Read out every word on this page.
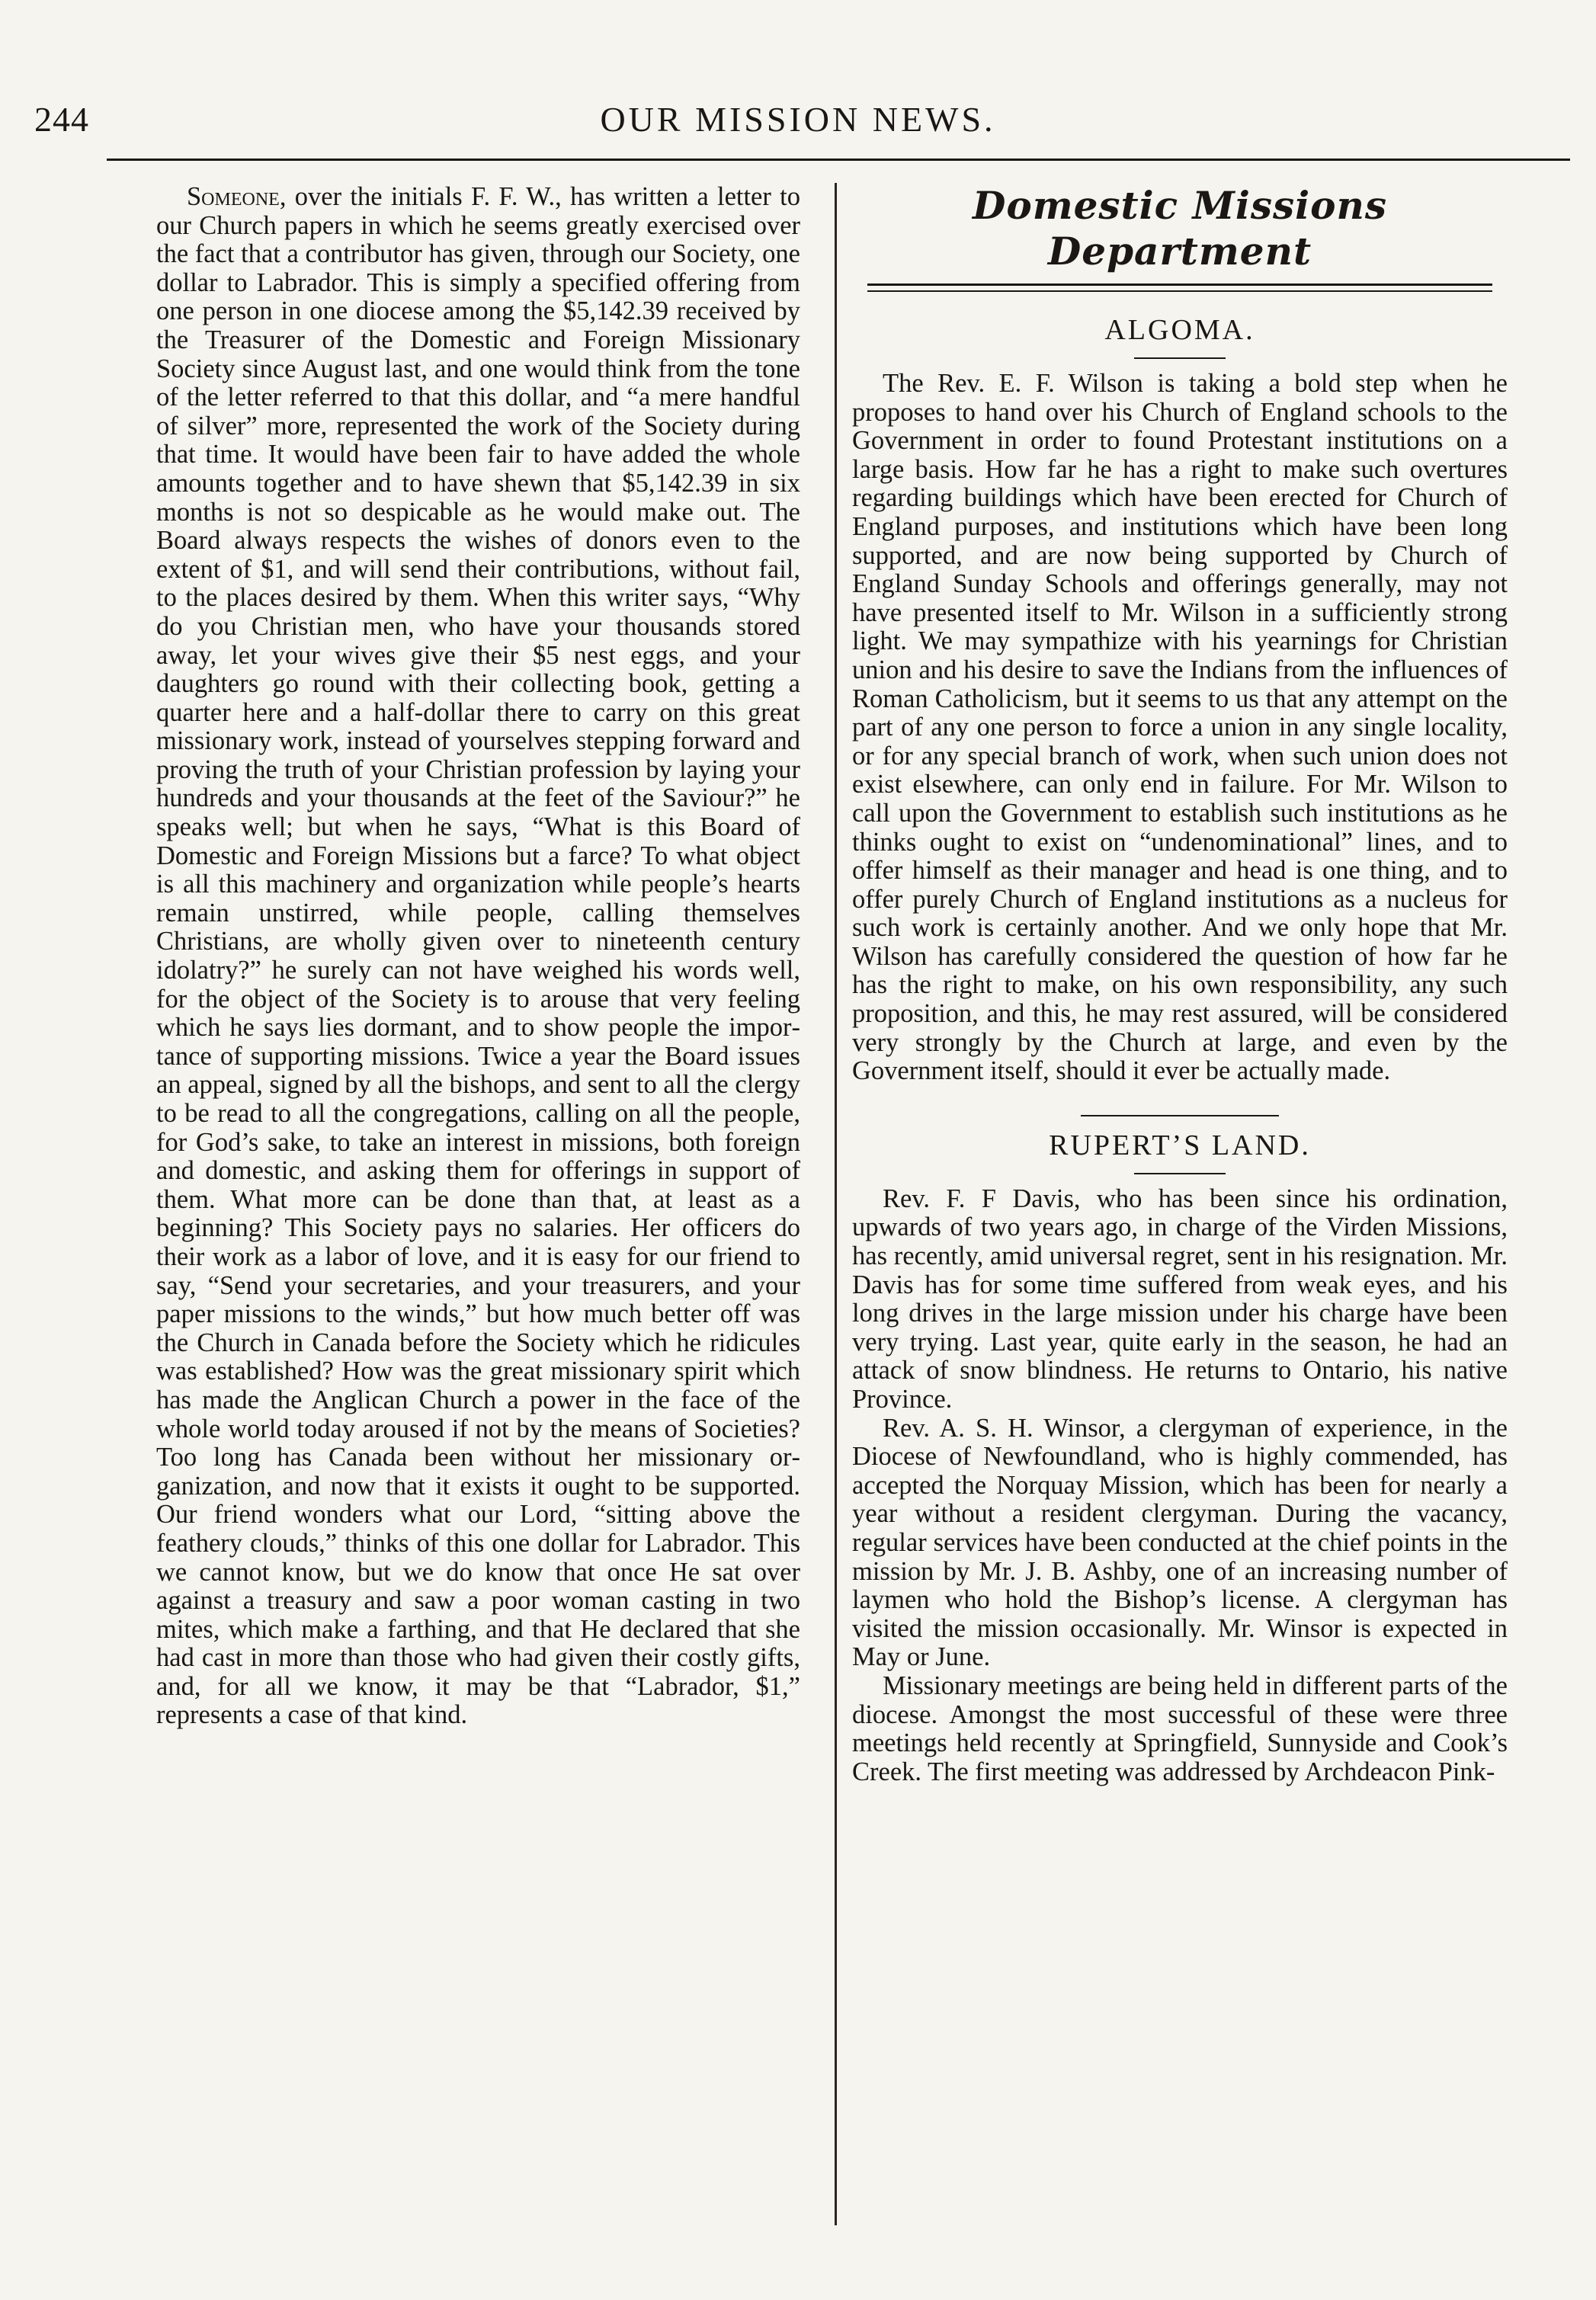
244	OUR MISSION NEWS.

Someone, over the initials F. F. W., has written a letter to our Church papers in which he seems greatly exercised over the fact that a contributor has given, through our Society, one dollar to Labrador. This is simply a specified offering from one person in one diocese among the $5,142.39 received by the Treasurer of the Domestic and Foreign Missionary Society since August last, and one would think from the tone of the letter referred to that this dollar, and “a mere handful of silver” more, represented the work of the Society during that time. It would have been fair to have added the whole amounts together and to have shewn that $5,142.39 in six months is not so despicable as he would make out. The Board always respects the wishes of donors even to the extent of $1, and will send their contributions, without fail, to the places desired by them. When this writer says, “Why do you Christian men, who have your thousands stored away, let your wives give their $5 nest eggs, and your daughters go round with their collecting book, getting a quarter here and a half-dollar there to carry on this great missionary work, instead of yourselves stepping forward and proving the truth of your Christian profession by laying your hundreds and your thousands at the feet of the Saviour?” he speaks well; but when he says, “What is this Board of Domestic and Foreign Missions but a farce? To what object is all this machinery and organization while people’s hearts remain unstirred, while people, calling themselves Christians, are wholly given over to nineteenth century idolatry?” he surely can not have weighed his words well, for the object of the Society is to arouse that very feeling which he says lies dormant, and to show people the importance of supporting missions. Twice a year the Board issues an appeal, signed by all the bishops, and sent to all the clergy to be read to all the congregations, calling on all the people, for God’s sake, to take an interest in missions, both foreign and domestic, and asking them for offerings in support of them. What more can be done than that, at least as a beginning? This Society pays no salaries. Her officers do their work as a labor of love, and it is easy for our friend to say, “Send your secretaries, and your treasurers, and your paper missions to the winds,” but how much better off was the Church in Canada before the Society which he ridicules was established? How was the great missionary spirit which has made the Anglican Church a power in the face of the whole world today aroused if not by the means of Societies? Too long has Canada been without her missionary organization, and now that it exists it ought to be supported. Our friend wonders what our Lord, “sitting above the feathery clouds,” thinks of this one dollar for Labrador. This we cannot know, but we do know that once He sat over against a treasury and saw a poor woman casting in two mites, which make a farthing, and that He declared that she had cast in more than those who had given their costly gifts, and, for all we know, it may be that “Labrador, $1,” represents a case of that kind.

Domestic Missions Department
ALGOMA.

The Rev. E. F. Wilson is taking a bold step when he proposes to hand over his Church of England schools to the Government in order to found Protestant institutions on a large basis. How far he has a right to make such overtures regarding buildings which have been erected for Church of England purposes, and institutions which have been long supported, and are now being supported by Church of England Sunday Schools and offerings generally, may not have presented itself to Mr. Wilson in a sufficiently strong light. We may sympathize with his yearnings for Christian union and his desire to save the Indians from the influences of Roman Catholicism, but it seems to us that any attempt on the part of any one person to force a union in any single locality, or for any special branch of work, when such union does not exist elsewhere, can only end in failure. For Mr. Wilson to call upon the Government to establish such institutions as he thinks ought to exist on “undenominational” lines, and to offer himself as their manager and head is one thing, and to offer purely Church of England institutions as a nucleus for such work is certainly another. And we only hope that Mr. Wilson has carefully considered the question of how far he has the right to make, on his own responsibility, any such proposition, and this, he may rest assured, will be considered very strongly by the Church at large, and even by the Government itself, should it ever be actually made.

RUPERT’S LAND.

Rev. F. F Davis, who has been since his ordination, upwards of two years ago, in charge of the Virden Missions, has recently, amid universal regret, sent in his resignation. Mr. Davis has for some time suffered from weak eyes, and his long drives in the large mission under his charge have been very trying. Last year, quite early in the season, he had an attack of snow blindness. He returns to Ontario, his native Province.

Rev. A. S. H. Winsor, a clergyman of experience, in the Diocese of Newfoundland, who is highly commended, has accepted the Norquay Mission, which has been for nearly a year without a resident clergyman. During the vacancy, regular services have been conducted at the chief points in the mission by Mr. J. B. Ashby, one of an increasing number of laymen who hold the Bishop’s license. A clergyman has visited the mission occasionally. Mr. Winsor is expected in May or June.

Missionary meetings are being held in different parts of the diocese. Amongst the most successful of these were three meetings held recently at Springfield, Sunnyside and Cook’s Creek. The first meeting was addressed by Archdeacon Pink-
